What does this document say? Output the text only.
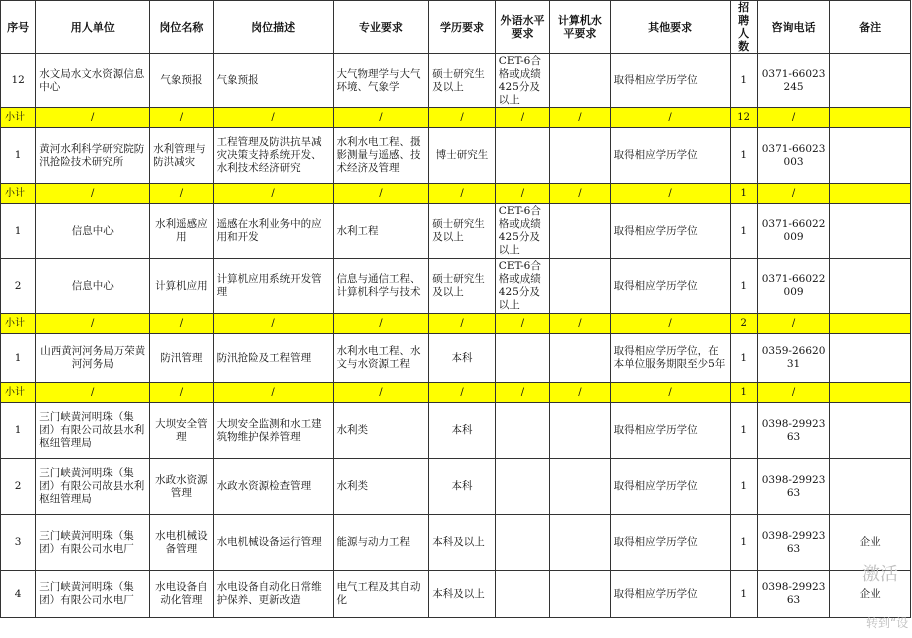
序号	用人单位	岗位名称	岗位描述	专业要求	学历要求	外语水平要求	计算机水平要求	其他要求	招聘人数	咨询电话	备注
12	水文局水文水资源信息中心	气象预报	气象预报	大气物理学与大气环境、气象学	硕士研究生及以上	CET-6合格或成绩425分及以上		取得相应学历学位	1	0371-66023245	
小计	/	/	/	/	/	/	/	/	12	/	
1	黄河水利科学研究院防汛抢险技术研究所	水利管理与防洪减灾	工程管理及防洪抗旱减灾决策支持系统开发、水利技术经济研究	水利水电工程、摄影测量与遥感、技术经济及管理	博士研究生			取得相应学历学位	1	0371-66023003	
小计	/	/	/	/	/	/	/	/	1	/	
1	信息中心	水利遥感应用	遥感在水利业务中的应用和开发	水利工程	硕士研究生及以上	CET-6合格或成绩425分及以上		取得相应学历学位	1	0371-66022009	
2	信息中心	计算机应用	计算机应用系统开发管理	信息与通信工程、计算机科学与技术	硕士研究生及以上	CET-6合格或成绩425分及以上		取得相应学历学位	1	0371-66022009	
小计	/	/	/	/	/	/	/	/	2	/	
1	山西黄河河务局万荣黄河河务局	防汛管理	防汛抢险及工程管理	水利水电工程、水文与水资源工程	本科			取得相应学历学位，在本单位服务期限至少5年	1	0359-2662031	
小计	/	/	/	/	/	/	/	/	1	/	
1	三门峡黄河明珠（集团）有限公司故县水利枢纽管理局	大坝安全管理	大坝安全监测和水工建筑物维护保养管理	水利类	本科			取得相应学历学位	1	0398-2992363	
2	三门峡黄河明珠（集团）有限公司故县水利枢纽管理局	水政水资源管理	水政水资源检查管理	水利类	本科			取得相应学历学位	1	0398-2992363	
3	三门峡黄河明珠（集团）有限公司水电厂	水电机械设备管理	水电机械设备运行管理	能源与动力工程	本科及以上			取得相应学历学位	1	0398-2992363	企业
4	三门峡黄河明珠（集团）有限公司水电厂	水电设备自动化管理	水电设备自动化日常维护保养、更新改造	电气工程及其自动化	本科及以上			取得相应学历学位	1	0398-2992363	企业
激活
转到“设
